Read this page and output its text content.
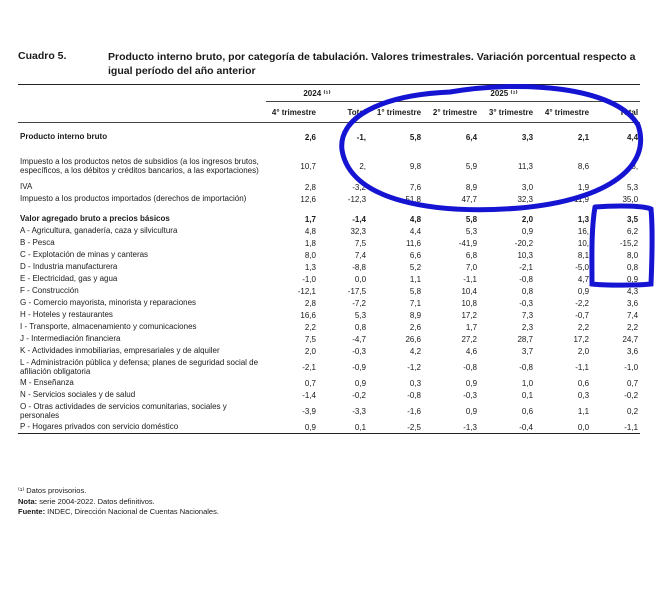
Cuadro 5.	Producto interno bruto, por categoría de tabulación. Valores trimestrales. Variación porcentual respecto a igual período del año anterior
	2024 ⁽¹⁾		2025 ⁽¹⁾				
	4° trimestre	Total	1° trimestre	2° trimestre	3° trimestre	4° trimestre	Total

Producto interno bruto	2,6	-1,	5,8	6,4	3,3	2,1	4,4

Impuesto a los productos netos de subsidios (a los ingresos brutos, específicos, a los débitos y créditos bancarios, a las exportaciones)	10,7	2,	9,8	5,9	11,3	8,6	8,
IVA	2,8	-3,2	7,6	8,9	3,0	1,9	5,3
Impuesto a los productos importados (derechos de importación)	12,6	-12,3	51,8	47,7	32,3	11,9	35,0

Valor agregado bruto a precios básicos	1,7	-1,4	4,8	5,8	2,0	1,3	3,5
A - Agricultura, ganadería, caza y silvicultura	4,8	32,3	4,4	5,3	0,9	16,	6,2
B - Pesca	1,8	7,5	11,6	-41,9	-20,2	10,	-15,2
C - Explotación de minas y canteras	8,0	7,4	6,6	6,8	10,3	8,1	8,0
D - Industria manufacturera	1,3	-8,8	5,2	7,0	-2,1	-5,0	0,8
E - Electricidad, gas y agua	-1,0	0,0	1,1	-1,1	-0,8	4,7	0,9
F - Construcción	-12,1	-17,5	5,8	10,4	0,8	0,9	4,3
G - Comercio mayorista, minorista y reparaciones	2,8	-7,2	7,1	10,8	-0,3	-2,2	3,6
H - Hoteles y restaurantes	16,6	5,3	8,9	17,2	7,3	-0,7	7,4
I - Transporte, almacenamiento y comunicaciones	2,2	0,8	2,6	1,7	2,3	2,2	2,2
J - Intermediación financiera	7,5	-4,7	26,6	27,2	28,7	17,2	24,7
K - Actividades inmobiliarias, empresariales y de alquiler	2,0	-0,3	4,2	4,6	3,7	2,0	3,6
L - Administración pública y defensa; planes de seguridad social de afiliación obligatoria	-2,1	-0,9	-1,2	-0,8	-0,8	-1,1	-1,0
M - Enseñanza	0,7	0,9	0,3	0,9	1,0	0,6	0,7
N - Servicios sociales y de salud	-1,4	-0,2	-0,8	-0,3	0,1	0,3	-0,2
O - Otras actividades de servicios comunitarias, sociales y personales	-3,9	-3,3	-1,6	0,9	0,6	1,1	0,2
P - Hogares privados con servicio doméstico	0,9	0,1	-2,5	-1,3	-0,4	0,0	-1,1
⁽¹⁾ Datos provisorios.
Nota: serie 2004-2022. Datos definitivos.
Fuente: INDEC, Dirección Nacional de Cuentas Nacionales.
